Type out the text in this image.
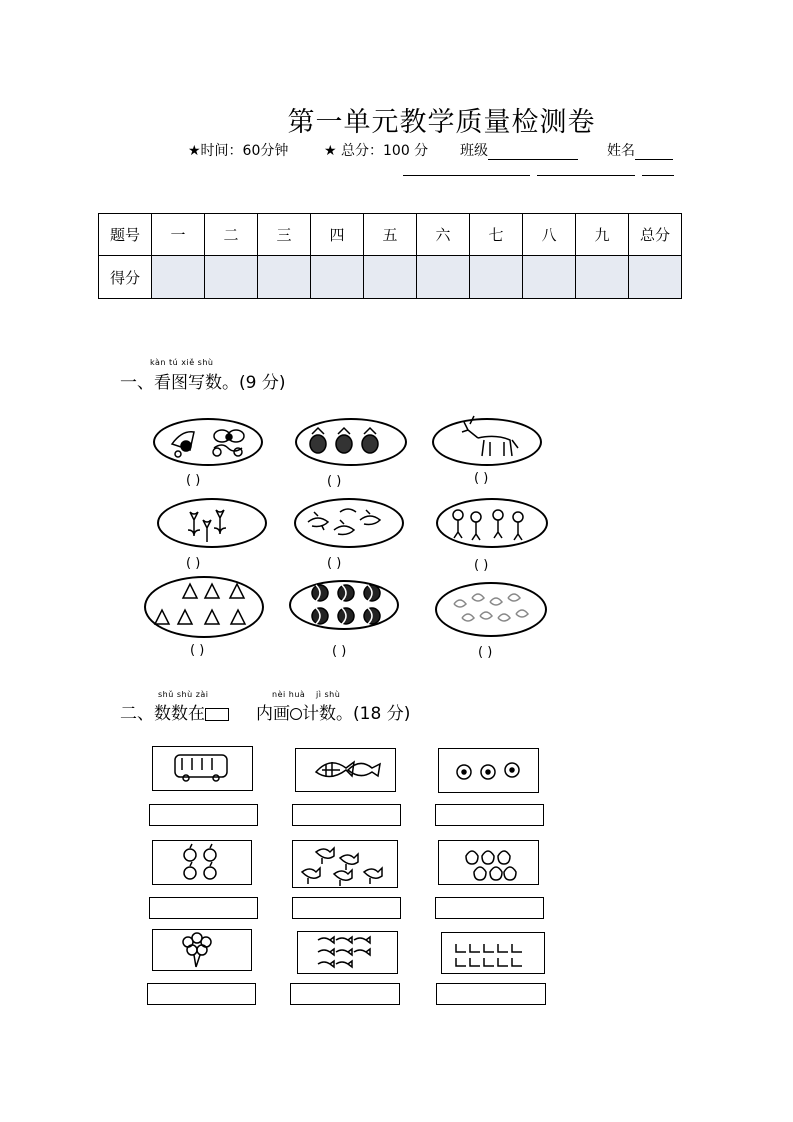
第一单元教学质量检测卷
★时间：60分钟	★ 总分：100 分 班级	姓名
题号	一	二	三	四	五	六	七	八	九	总分
得分										
kàn tú xiě shù
一、看图写数。(9 分)
( )	( )	( )
( )	( )	( )
( )	( )	( )
shǔ shù zài	nèi huà jì shù
二、数数在	内画 计数。(18 分)
